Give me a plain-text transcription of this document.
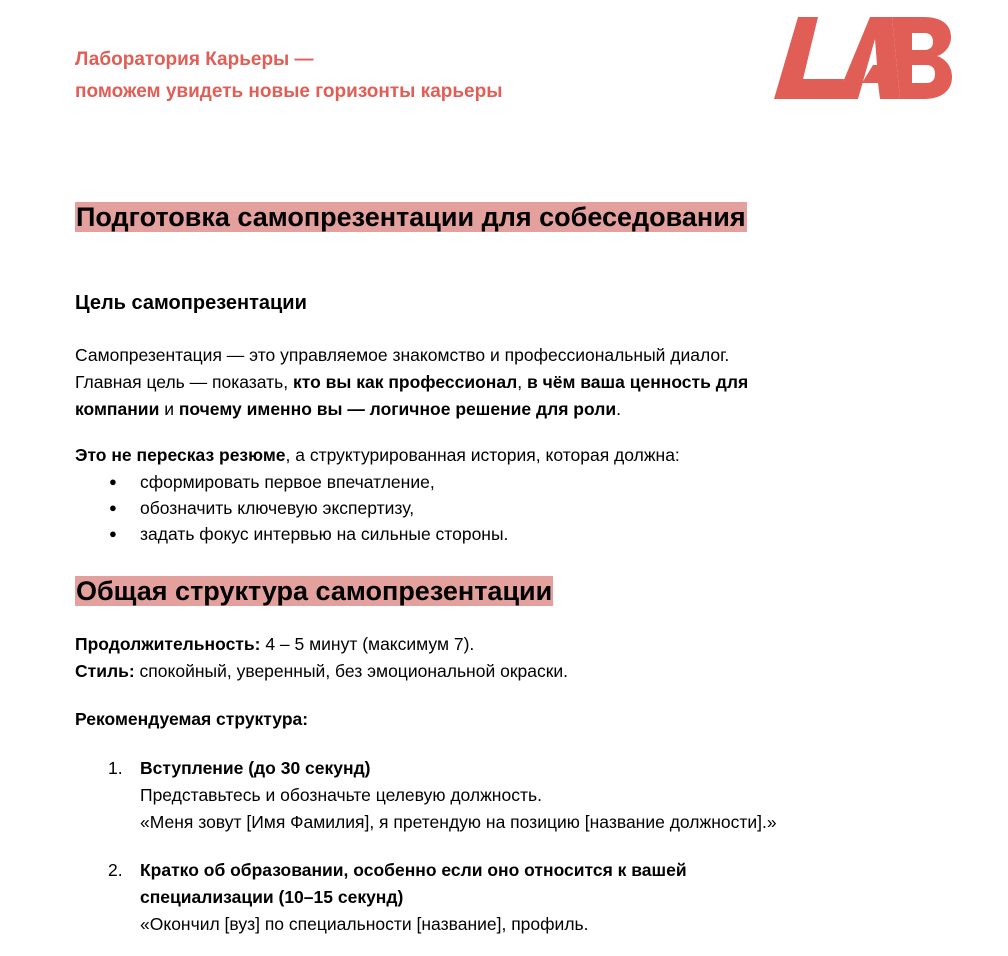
Лаборатория Карьеры —
поможем увидеть новые горизонты карьеры
Подготовка самопрезентации для собеседования
Цель самопрезентации
Самопрезентация — это управляемое знакомство и профессиональный диалог.
Главная цель — показать, кто вы как профессионал, в чём ваша ценность для
компании и почему именно вы — логичное решение для роли.
Это не пересказ резюме, а структурированная история, которая должна:
● сформировать первое впечатление,
● обозначить ключевую экспертизу,
● задать фокус интервью на сильные стороны.
Общая структура самопрезентации
Продолжительность: 4 – 5 минут (максимум 7).
Стиль: спокойный, уверенный, без эмоциональной окраски.
Рекомендуемая структура:
1. Вступление (до 30 секунд)
Представьтесь и обозначьте целевую должность.
«Меня зовут [Имя Фамилия], я претендую на позицию [название должности].»
2. Кратко об образовании, особенно если оно относится к вашей
специализации (10–15 секунд)
«Окончил [вуз] по специальности [название], профиль.
